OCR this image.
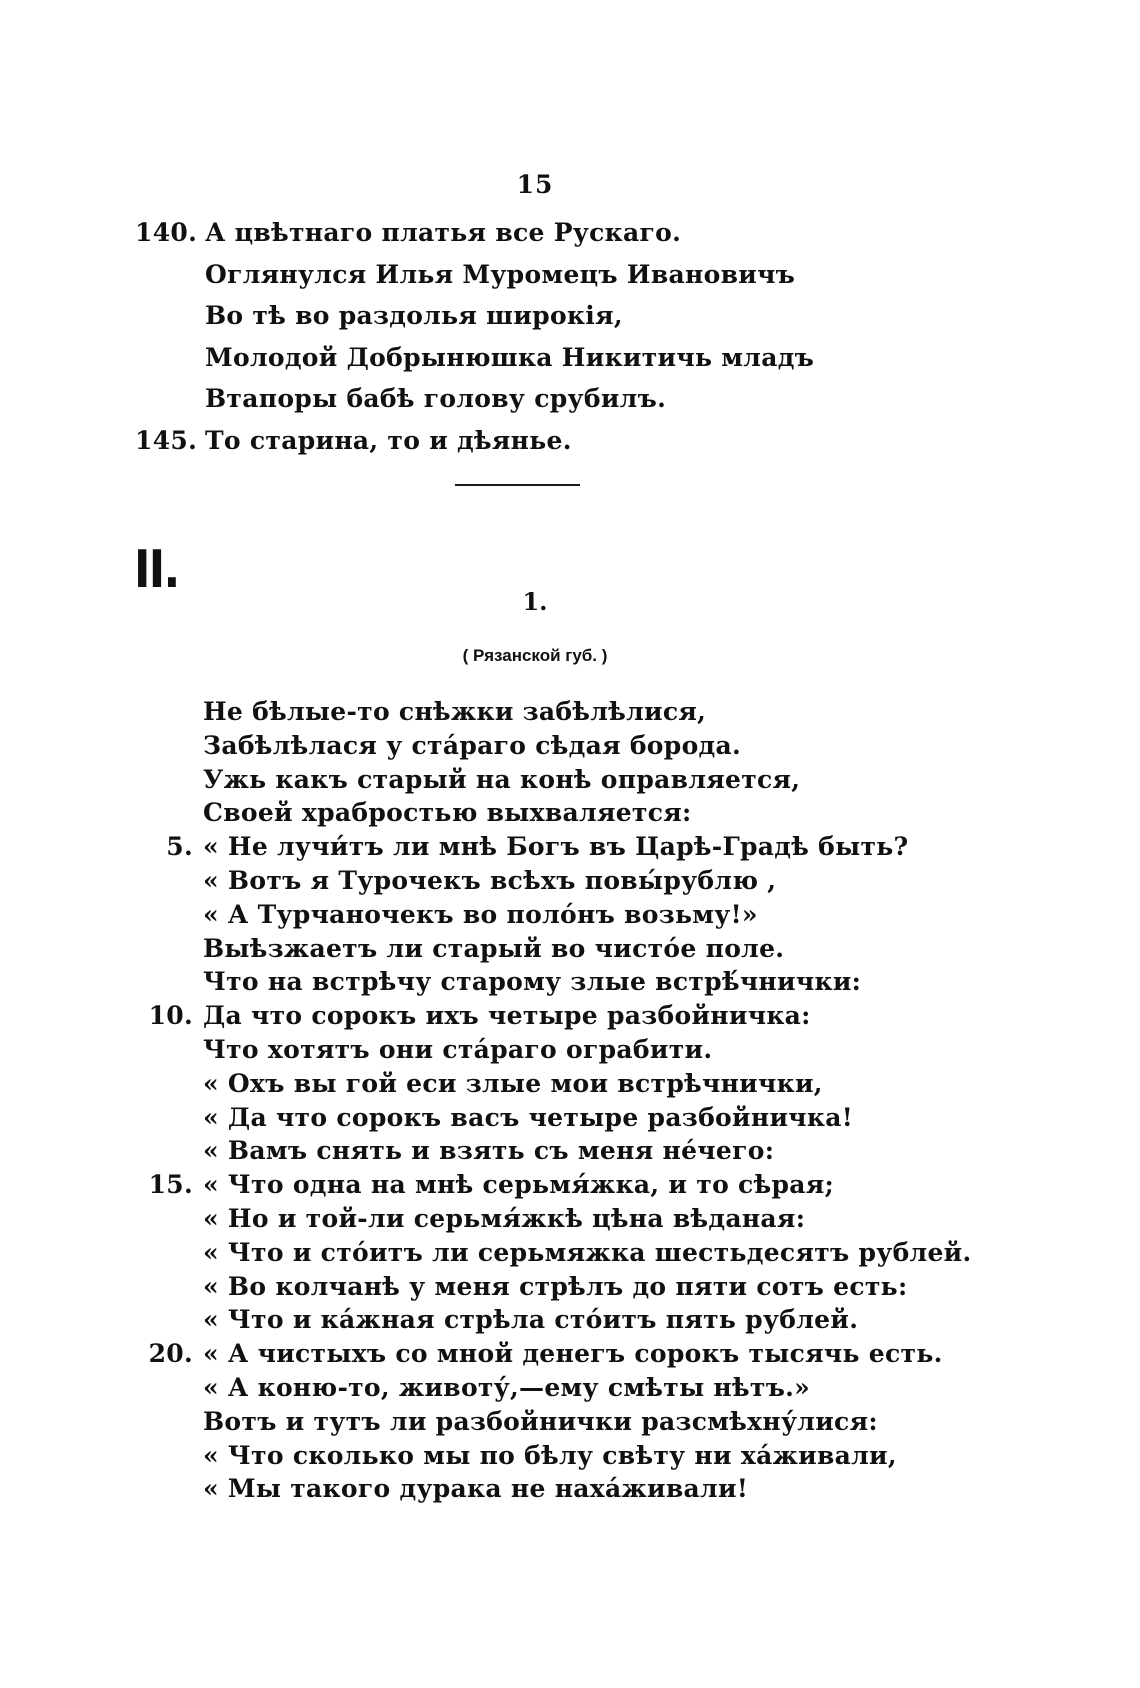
15
140. А цвѣтнаго платья все Рускаго.
Оглянулся Илья Муромецъ Ивановичъ
Во тѣ во раздолья широкія,
Молодой Добрынюшка Никитичь младъ
Втапоры бабѣ голову срубилъ.
145. То старина, то и дѣянье.
II.
1.
( Рязанской губ. )
Не бѣлые-то снѣжки забѣлѣлися,
Забѣлѣлася у стáраго сѣдая борода.
Ужь какъ старый на конѣ оправляется,
Своей храбростью выхваляется:
5. « Не лучи́тъ ли мнѣ Богъ въ Царѣ-Градѣ быть?
« Вотъ я Турочекъ всѣхъ повы́рублю ,
« А Турчаночекъ во полóнъ возьму!»
Выѣзжаетъ ли старый во чистóе поле.
Что на встрѣчу старому злые встрѣ́чнички:
10. Да что сорокъ ихъ четыре разбойничка:
Что хотятъ они стáраго ограбити.
« Охъ вы гой еси злые мои встрѣчнички,
« Да что сорокъ васъ четыре разбойничка!
« Вамъ снять и взять съ меня нéчего:
15. « Что одна на мнѣ серьмя́жка, и то сѣрая;
« Но и той-ли серьмя́жкѣ цѣна вѣданая:
« Что и стóитъ ли серьмяжка шестьдесятъ рублей.
« Во колчанѣ у меня стрѣлъ до пяти сотъ есть:
« Что и кáжная стрѣла стóитъ пять рублей.
20. « А чистыхъ со мной денегъ сорокъ тысячь есть.
« А коню-то, животу́,—ему смѣты нѣтъ.»
Вотъ и тутъ ли разбойнички разсмѣхну́лися:
« Что сколько мы по бѣлу свѣту ни хáживали,
« Мы такого дурака не нахáживали!
